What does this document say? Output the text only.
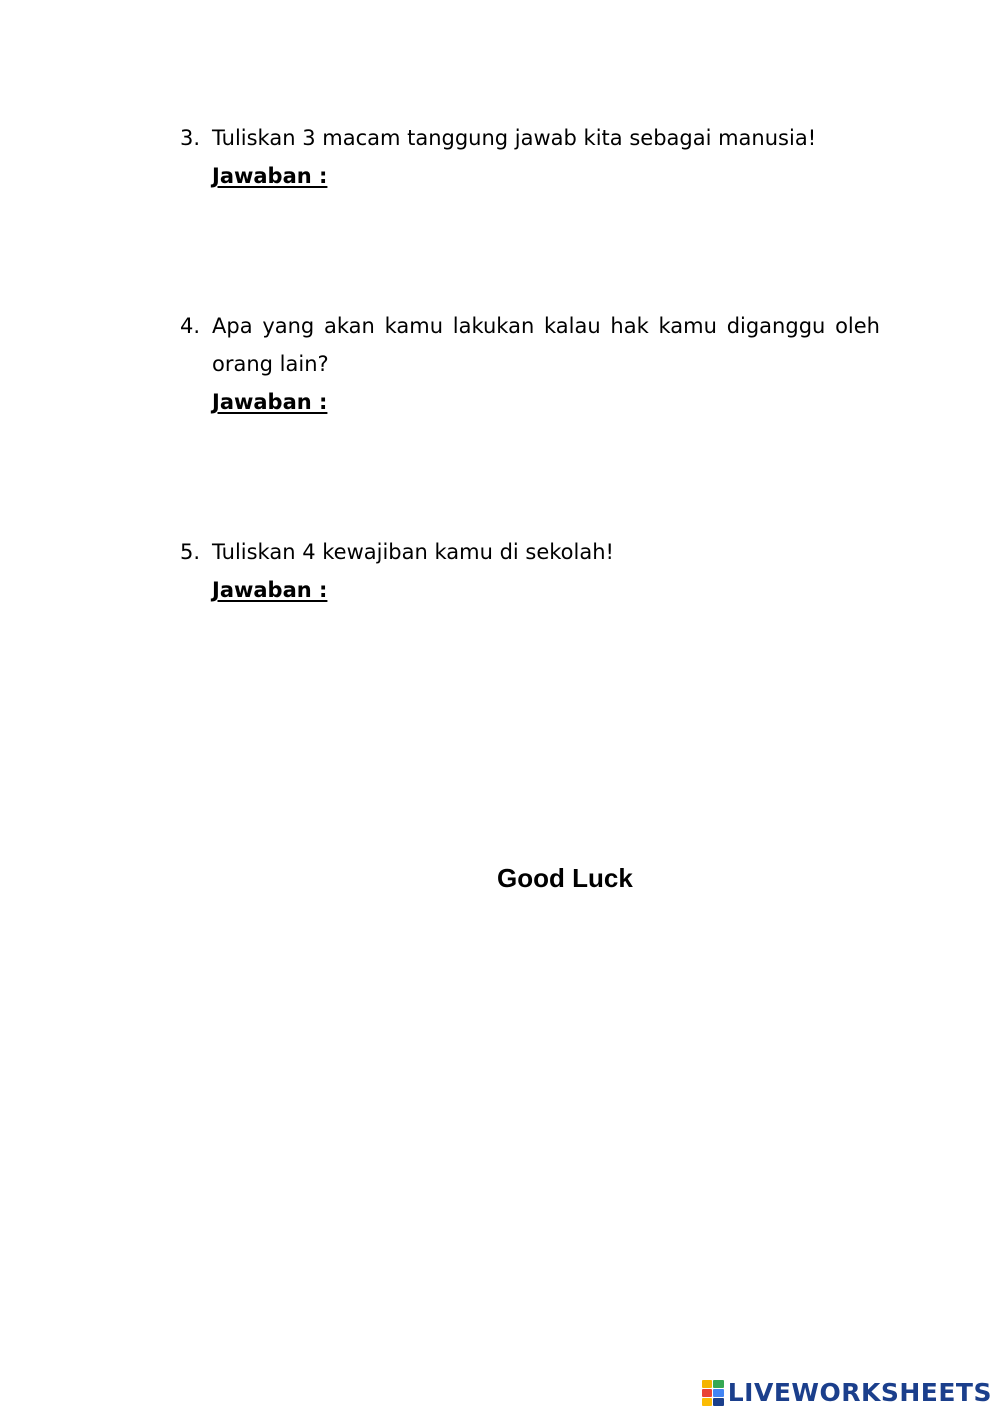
3. Tuliskan 3 macam tanggung jawab kita sebagai manusia!
Jawaban :
4. Apa yang akan kamu lakukan kalau hak kamu diganggu oleh orang lain?
Jawaban :
5. Tuliskan 4 kewajiban kamu di sekolah!
Jawaban :
Good Luck
LIVEWORKSHEETS
